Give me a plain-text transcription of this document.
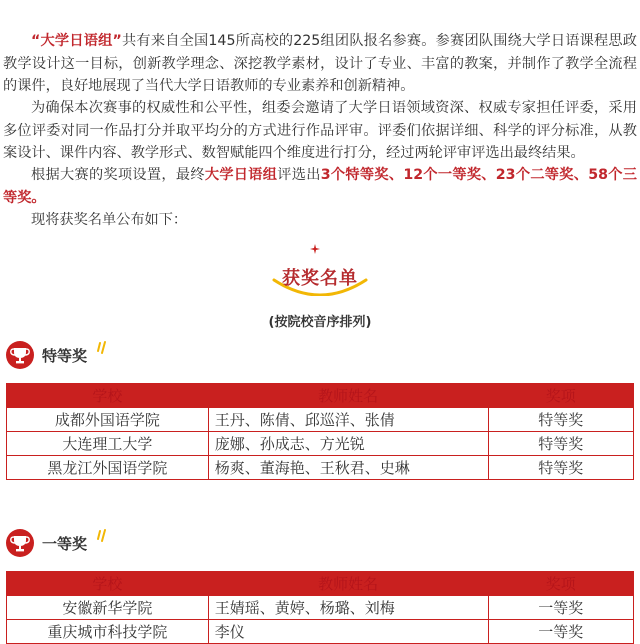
“大学日语组”共有来自全国145所高校的225组团队报名参赛。参赛团队围绕大学日语课程思政教学设计这一目标，创新教学理念、深挖教学素材，设计了专业、丰富的教案，并制作了教学全流程的课件，良好地展现了当代大学日语教师的专业素养和创新精神。

为确保本次赛事的权威性和公平性，组委会邀请了大学日语领域资深、权威专家担任评委，采用多位评委对同一作品打分并取平均分的方式进行作品评审。评委们依据详细、科学的评分标准，从教案设计、课件内容、教学形式、数智赋能四个维度进行打分，经过两轮评审评选出最终结果。

根据大赛的奖项设置，最终大学日语组评选出3个特等奖、12个一等奖、23个二等奖、58个三等奖。

现将获奖名单公布如下：

获奖名单
(按院校音序排列)
特等奖
学校	教师姓名	奖项
成都外国语学院	王丹、陈倩、邱巡洋、张倩	特等奖
大连理工大学	庞娜、孙成志、方光锐	特等奖
黑龙江外国语学院	杨爽、董海艳、王秋君、史琳	特等奖
一等奖
学校	教师姓名	奖项
安徽新华学院	王婧瑶、黄婷、杨璐、刘梅	一等奖
重庆城市科技学院	李仪	一等奖
